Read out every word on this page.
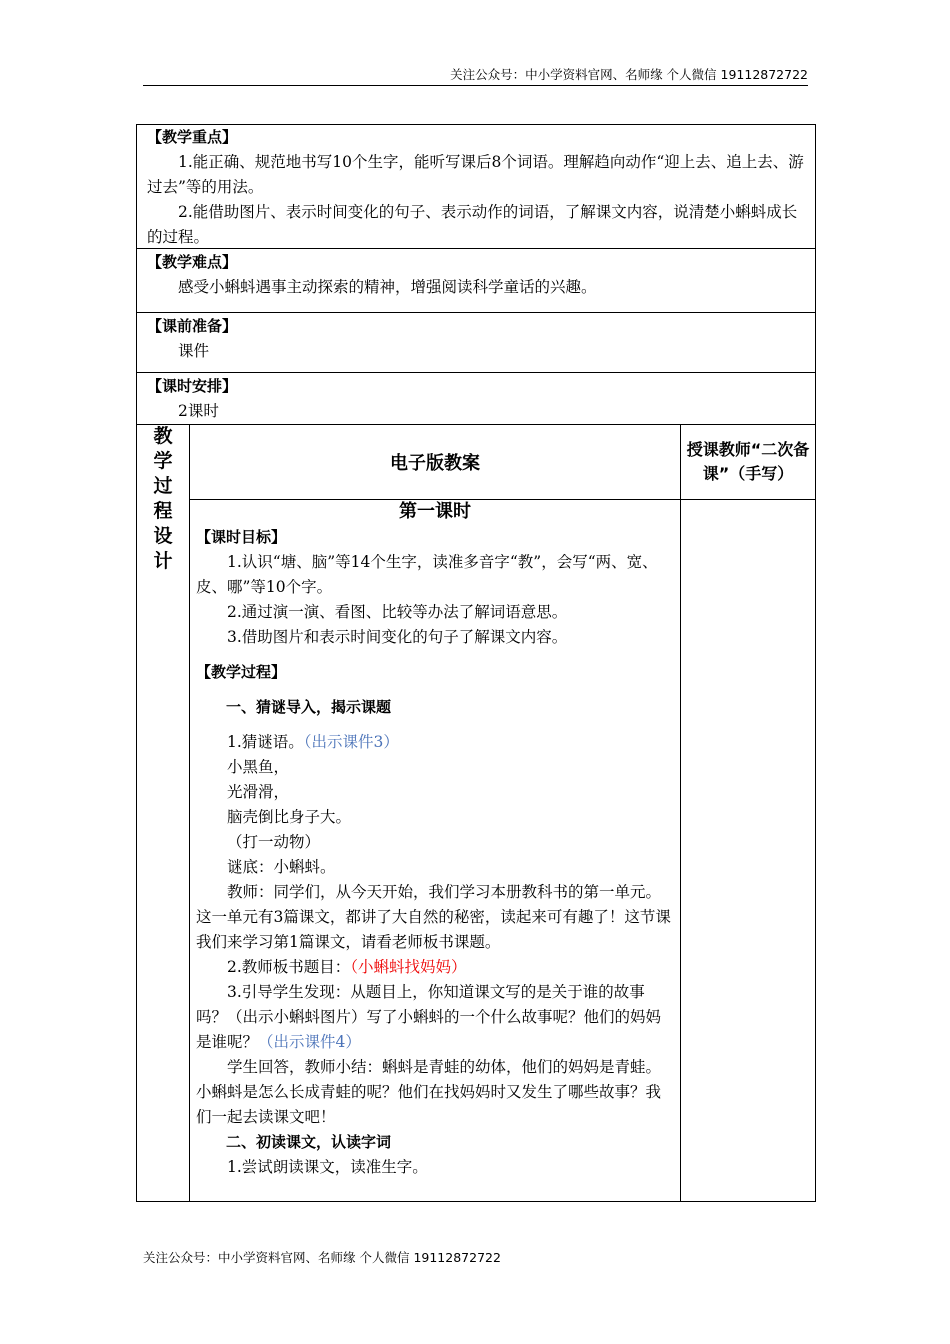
关注公众号：中小学资料官网、名师缘 个人微信 19112872722
【教学重点】
1.能正确、规范地书写10个生字，能听写课后8个词语。理解趋向动作“迎上去、追上去、游过去”等的用法。
2.能借助图片、表示时间变化的句子、表示动作的词语，了解课文内容，说清楚小蝌蚪成长的过程。
【教学难点】
感受小蝌蚪遇事主动探索的精神，增强阅读科学童话的兴趣。
【课前准备】
课件
【课时安排】
2课时
教
学
过
程
设
计
电子版教案
授课教师“二次备课”（手写）
第一课时
【课时目标】
1.认识“塘、脑”等14个生字，读准多音字“教”，会写“两、宽、皮、哪”等10个字。
2.通过演一演、看图、比较等办法了解词语意思。
3.借助图片和表示时间变化的句子了解课文内容。
【教学过程】
一、猜谜导入，揭示课题
1.猜谜语。（出示课件3）
小黑鱼，
光滑滑，
脑壳倒比身子大。
（打一动物）
谜底：小蝌蚪。
教师：同学们，从今天开始，我们学习本册教科书的第一单元。这一单元有3篇课文，都讲了大自然的秘密，读起来可有趣了！这节课我们来学习第1篇课文，请看老师板书课题。
2.教师板书题目：（小蝌蚪找妈妈）
3.引导学生发现：从题目上，你知道课文写的是关于谁的故事吗？（出示小蝌蚪图片）写了小蝌蚪的一个什么故事呢？他们的妈妈是谁呢？（出示课件4）
学生回答，教师小结：蝌蚪是青蛙的幼体，他们的妈妈是青蛙。小蝌蚪是怎么长成青蛙的呢？他们在找妈妈时又发生了哪些故事？我们一起去读课文吧！
二、初读课文，认读字词
1.尝试朗读课文，读准生字。
关注公众号：中小学资料官网、名师缘 个人微信 19112872722
